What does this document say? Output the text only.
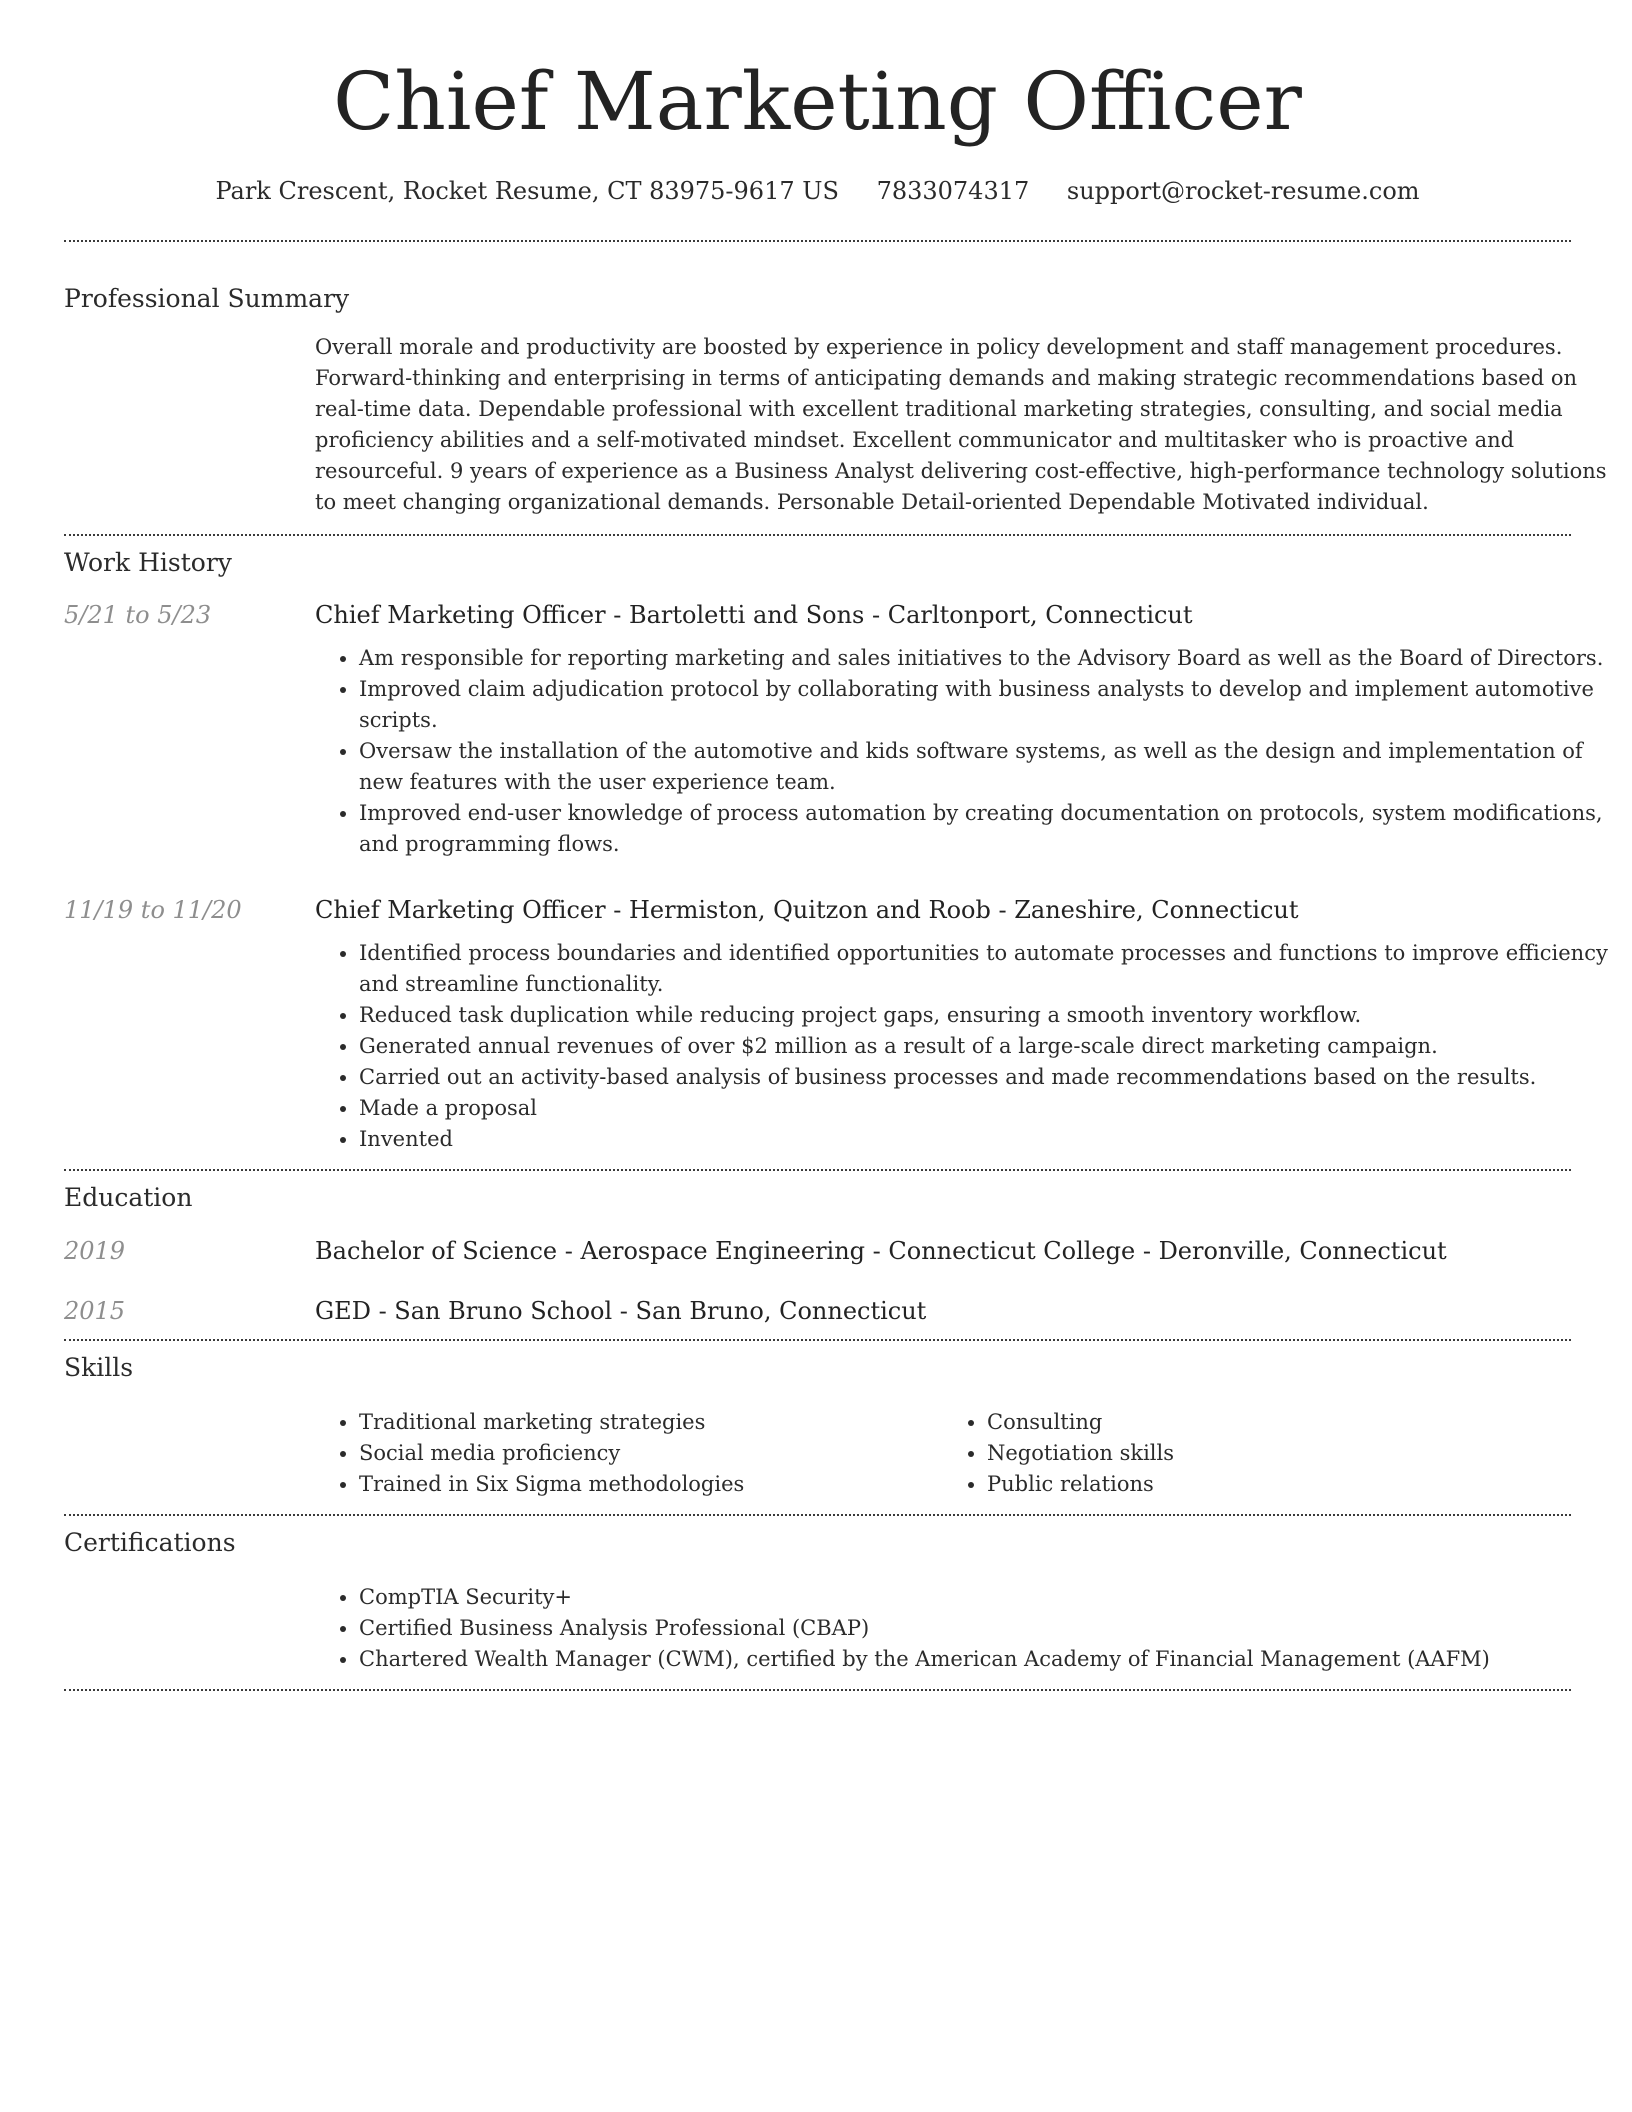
Chief Marketing Officer
Park Crescent, Rocket Resume, CT 83975-9617 US 7833074317 support@rocket-resume.com
Professional Summary
Overall morale and productivity are boosted by experience in policy development and staff management procedures. Forward-thinking and enterprising in terms of anticipating demands and making strategic recommendations based on real-time data. Dependable professional with excellent traditional marketing strategies, consulting, and social media proficiency abilities and a self-motivated mindset. Excellent communicator and multitasker who is proactive and resourceful. 9 years of experience as a Business Analyst delivering cost-effective, high-performance technology solutions to meet changing organizational demands. Personable Detail-oriented Dependable Motivated individual.
Work History
5/21 to 5/23	Chief Marketing Officer - Bartoletti and Sons - Carltonport, Connecticut
• Am responsible for reporting marketing and sales initiatives to the Advisory Board as well as the Board of Directors.
• Improved claim adjudication protocol by collaborating with business analysts to develop and implement automotive scripts.
• Oversaw the installation of the automotive and kids software systems, as well as the design and implementation of new features with the user experience team.
• Improved end-user knowledge of process automation by creating documentation on protocols, system modifications, and programming flows.
11/19 to 11/20	Chief Marketing Officer - Hermiston, Quitzon and Roob - Zaneshire, Connecticut
• Identified process boundaries and identified opportunities to automate processes and functions to improve efficiency and streamline functionality.
• Reduced task duplication while reducing project gaps, ensuring a smooth inventory workflow.
• Generated annual revenues of over $2 million as a result of a large-scale direct marketing campaign.
• Carried out an activity-based analysis of business processes and made recommendations based on the results.
• Made a proposal
• Invented
Education
2019	Bachelor of Science - Aerospace Engineering - Connecticut College - Deronville, Connecticut
2015	GED - San Bruno School - San Bruno, Connecticut
Skills
• Traditional marketing strategies
• Social media proficiency
• Trained in Six Sigma methodologies
• Consulting
• Negotiation skills
• Public relations
Certifications
• CompTIA Security+
• Certified Business Analysis Professional (CBAP)
• Chartered Wealth Manager (CWM), certified by the American Academy of Financial Management (AAFM)
